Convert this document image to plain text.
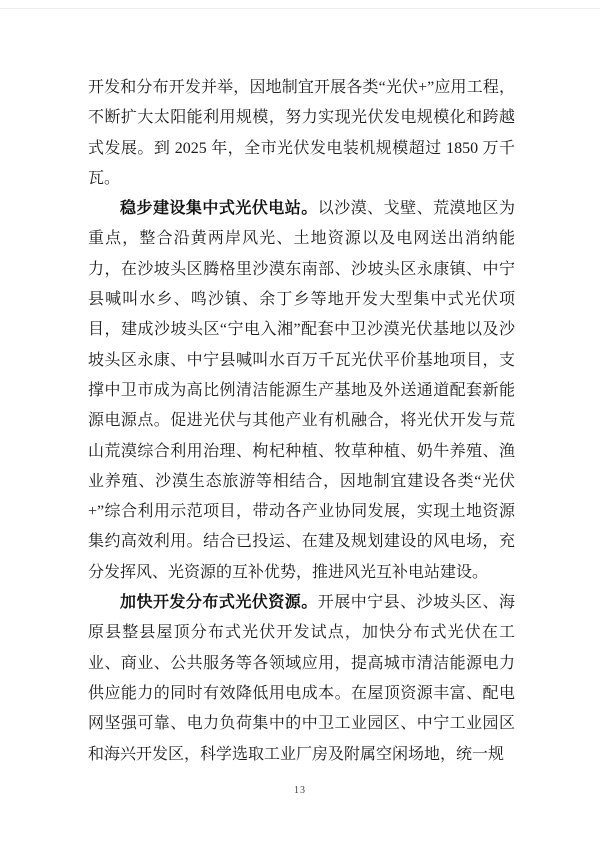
开发和分布开发并举，因地制宜开展各类“光伏+”应用工程，不断扩大太阳能利用规模，努力实现光伏发电规模化和跨越式发展。到 2025 年，全市光伏发电装机规模超过 1850 万千瓦。

稳步建设集中式光伏电站。以沙漠、戈壁、荒漠地区为重点，整合沿黄两岸风光、土地资源以及电网送出消纳能力，在沙坡头区腾格里沙漠东南部、沙坡头区永康镇、中宁县喊叫水乡、鸣沙镇、余丁乡等地开发大型集中式光伏项目，建成沙坡头区“宁电入湘”配套中卫沙漠光伏基地以及沙坡头区永康、中宁县喊叫水百万千瓦光伏平价基地项目，支撑中卫市成为高比例清洁能源生产基地及外送通道配套新能源电源点。促进光伏与其他产业有机融合，将光伏开发与荒山荒漠综合利用治理、枸杞种植、牧草种植、奶牛养殖、渔业养殖、沙漠生态旅游等相结合，因地制宜建设各类“光伏+”综合利用示范项目，带动各产业协同发展，实现土地资源集约高效利用。结合已投运、在建及规划建设的风电场，充分发挥风、光资源的互补优势，推进风光互补电站建设。

加快开发分布式光伏资源。开展中宁县、沙坡头区、海原县整县屋顶分布式光伏开发试点，加快分布式光伏在工业、商业、公共服务等各领域应用，提高城市清洁能源电力供应能力的同时有效降低用电成本。在屋顶资源丰富、配电网坚强可靠、电力负荷集中的中卫工业园区、中宁工业园区和海兴开发区，科学选取工业厂房及附属空闲场地，统一规

13
